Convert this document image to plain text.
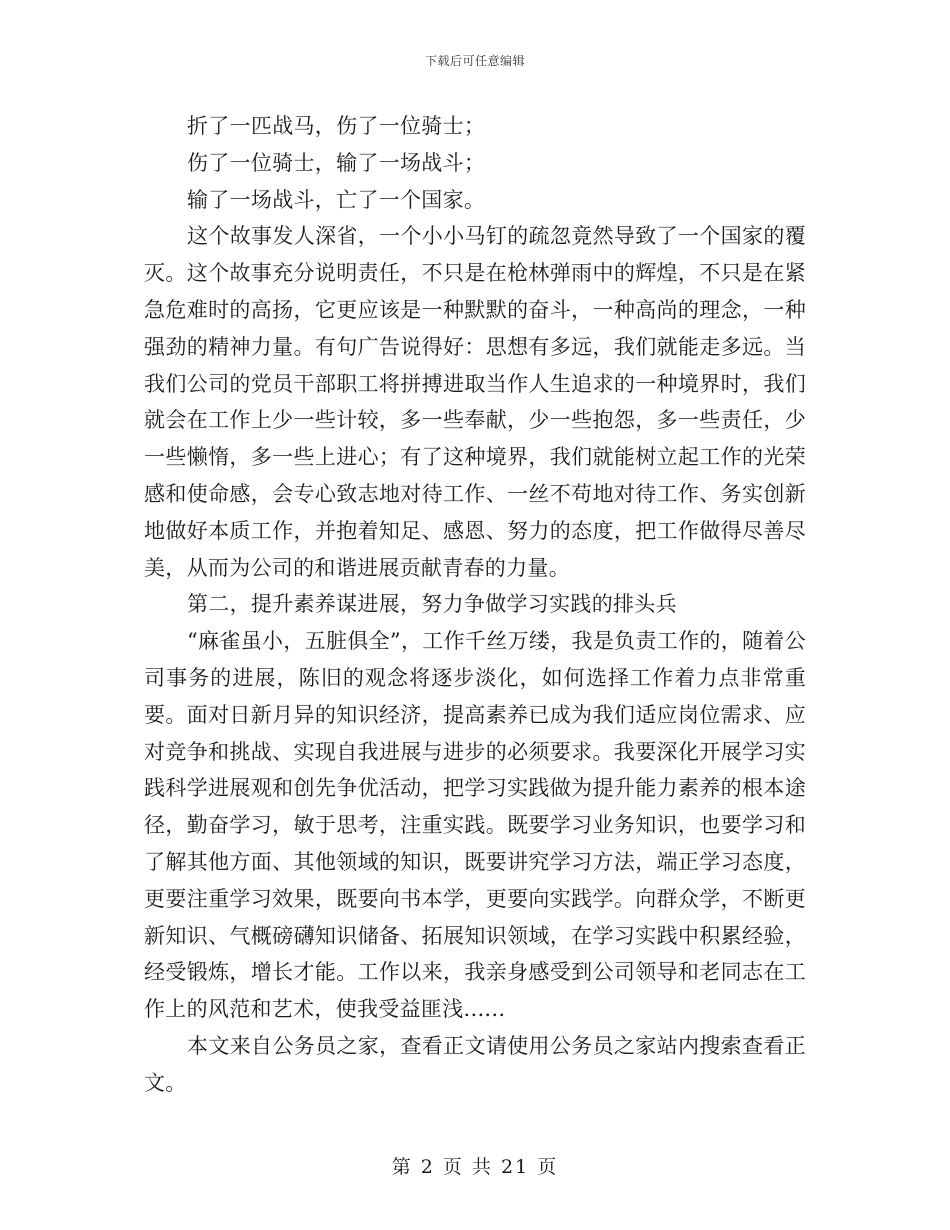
下载后可任意编辑

折了一匹战马，伤了一位骑士；

伤了一位骑士，输了一场战斗；

输了一场战斗，亡了一个国家。

这个故事发人深省，一个小小马钉的疏忽竟然导致了一个国家的覆灭。这个故事充分说明责任，不只是在枪林弹雨中的辉煌，不只是在紧急危难时的高扬，它更应该是一种默默的奋斗，一种高尚的理念，一种强劲的精神力量。有句广告说得好：思想有多远，我们就能走多远。当我们公司的党员干部职工将拼搏进取当作人生追求的一种境界时，我们就会在工作上少一些计较，多一些奉献，少一些抱怨，多一些责任，少一些懒惰，多一些上进心；有了这种境界，我们就能树立起工作的光荣感和使命感，会专心致志地对待工作、一丝不苟地对待工作、务实创新地做好本质工作，并抱着知足、感恩、努力的态度，把工作做得尽善尽美，从而为公司的和谐进展贡献青春的力量。

第二，提升素养谋进展，努力争做学习实践的排头兵

“麻雀虽小，五脏俱全”，工作千丝万缕，我是负责工作的，随着公司事务的进展，陈旧的观念将逐步淡化，如何选择工作着力点非常重要。面对日新月异的知识经济，提高素养已成为我们适应岗位需求、应对竞争和挑战、实现自我进展与进步的必须要求。我要深化开展学习实践科学进展观和创先争优活动，把学习实践做为提升能力素养的根本途径，勤奋学习，敏于思考，注重实践。既要学习业务知识，也要学习和了解其他方面、其他领域的知识，既要讲究学习方法，端正学习态度，更要注重学习效果，既要向书本学，更要向实践学。向群众学，不断更新知识、气概磅礴知识储备、拓展知识领域，在学习实践中积累经验，经受锻炼，增长才能。工作以来，我亲身感受到公司领导和老同志在工作上的风范和艺术，使我受益匪浅......

本文来自公务员之家，查看正文请使用公务员之家站内搜索查看正文。

第 2 页 共 21 页
